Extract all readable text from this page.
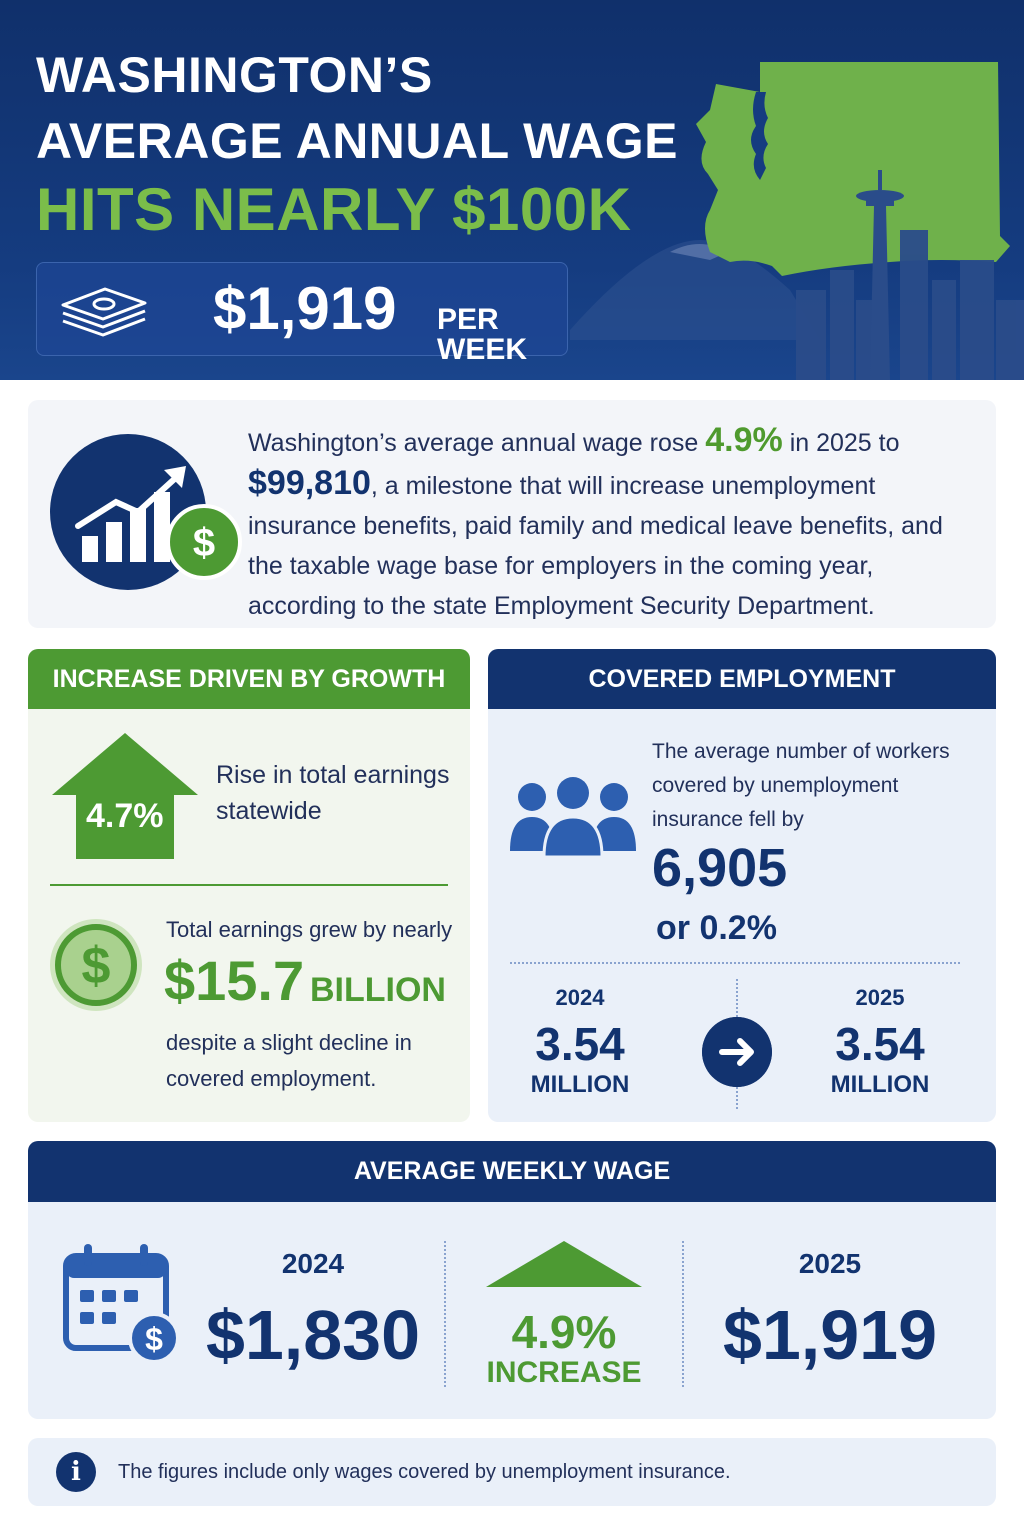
WASHINGTON’S
AVERAGE ANNUAL WAGE
HITS NEARLY $100K
$1,919 PER WEEK
$

Washington’s average annual wage rose 4.9% in 2025 to $99,810, a milestone that will increase unemployment insurance benefits, paid family and medical leave benefits, and the taxable wage base for employers in the coming year, according to the state Employment Security Department.

INCREASE DRIVEN BY GROWTH
4.7%
Rise in total earnings statewide
$
Total earnings grew by nearly
$15.7 BILLION
despite a slight decline in covered employment.
COVERED EMPLOYMENT
The average number of workers covered by unemployment insurance fell by
6,905
or 0.2%
2024
3.54
MILLION
2025
3.54
MILLION
AVERAGE WEEKLY WAGE
$
2024
$1,830	4.9%
INCREASE
2025
$1,919
i	The figures include only wages covered by unemployment insurance.
